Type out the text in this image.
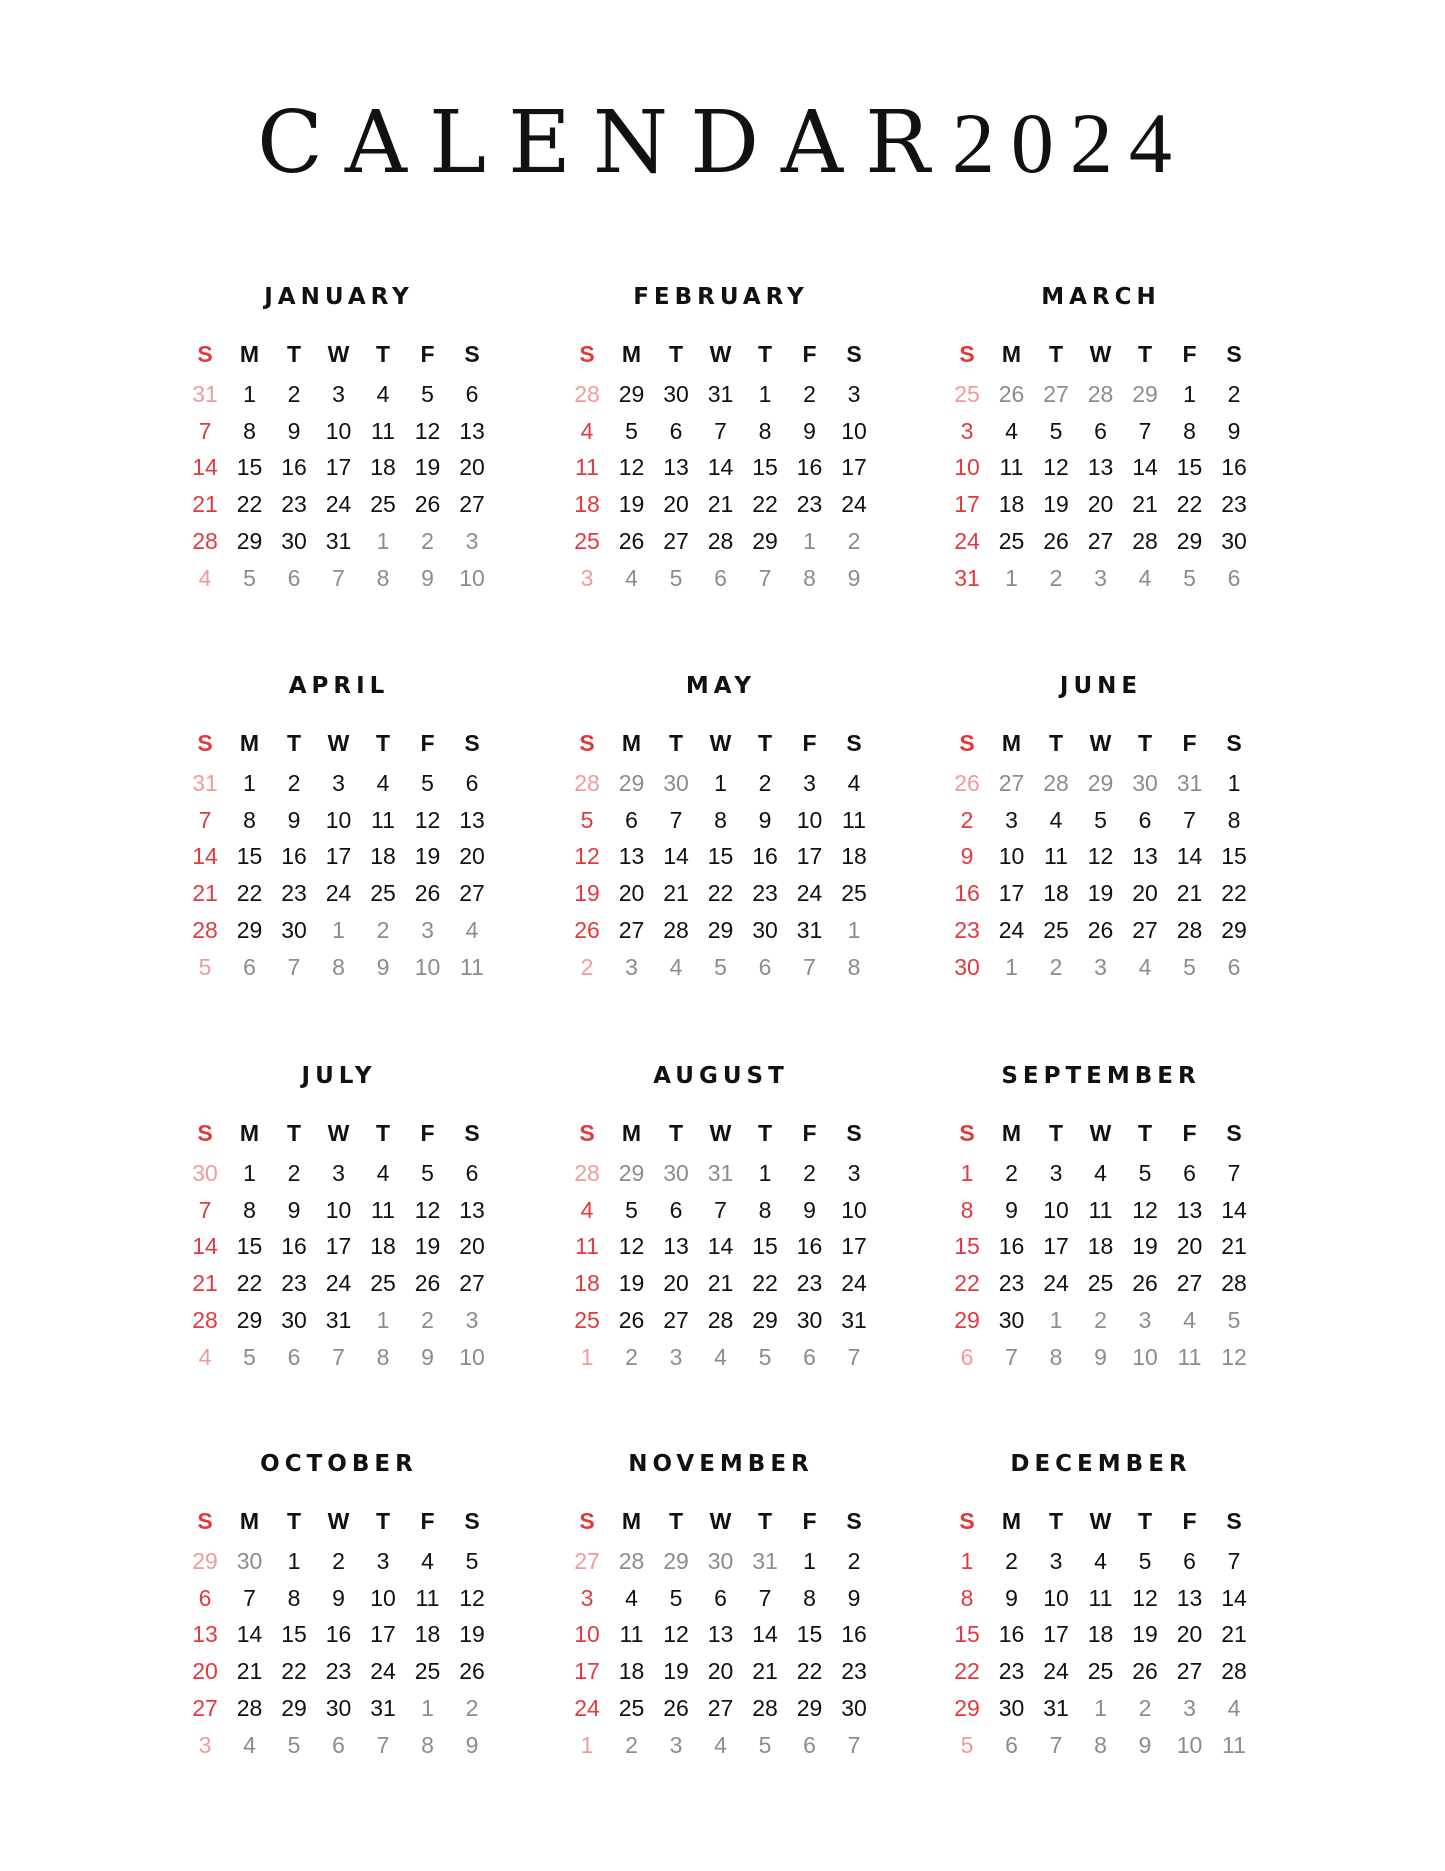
CALENDAR2024
JANUARY
S	M	T	W	T	F	S
31	1	2	3	4	5	6
7	8	9	10 11 12 13
14 15 16 17 18 19 20
21 22 23 24 25 26 27
28 29 30 31	1	2	3
4	5	6	7	8	9	10
FEBRUARY
S	M	T	W	T	F	S
28 29 30 31	1	2	3
4	5	6	7	8	9	10
11 12 13 14 15 16 17
18 19 20 21 22 23 24
25 26 27 28 29	1	2
3	4	5	6	7	8	9
MARCH
S	M	T	W	T	F	S
25 26 27 28 29	1	2
3	4	5	6	7	8	9
10 11 12 13 14 15 16
17 18 19 20 21 22 23
24 25 26 27 28 29 30
31	1	2	3	4	5	6
APRIL
S	M	T	W	T	F	S
31	1	2	3	4	5	6
7	8	9	10 11 12 13
14 15 16 17 18 19 20
21 22 23 24 25 26 27
28 29 30	1	2	3	4
5	6	7	8	9	10 11
MAY
S	M	T	W	T	F	S
28 29 30	1	2	3	4
5	6	7	8	9	10 11
12 13 14 15 16 17 18
19 20 21 22 23 24 25
26 27 28 29 30 31	1
2	3	4	5	6	7	8
JUNE
S	M	T	W	T	F	S
26 27 28 29 30 31	1
2	3	4	5	6	7	8
9	10 11 12 13 14 15
16 17 18 19 20 21 22
23 24 25 26 27 28 29
30	1	2	3	4	5	6
JULY
S	M	T	W	T	F	S
30	1	2	3	4	5	6
7	8	9	10 11 12 13
14 15 16 17 18 19 20
21 22 23 24 25 26 27
28 29 30 31	1	2	3
4	5	6	7	8	9	10
AUGUST
S	M	T	W	T	F	S
28 29 30 31	1	2	3
4	5	6	7	8	9	10
11 12 13 14 15 16 17
18 19 20 21 22 23 24
25 26 27 28 29 30 31
1	2	3	4	5	6	7
SEPTEMBER
S	M	T	W	T	F	S
1	2	3	4	5	6	7
8	9	10 11 12 13 14
15 16 17 18 19 20 21
22 23 24 25 26 27 28
29 30	1	2	3	4	5
6	7	8	9	10 11 12
OCTOBER
S	M	T	W	T	F	S
29 30	1	2	3	4	5
6	7	8	9	10 11 12
13 14 15 16 17 18 19
20 21 22 23 24 25 26
27 28 29 30 31	1	2
3	4	5	6	7	8	9
NOVEMBER
S	M	T	W	T	F	S
27 28 29 30 31	1	2
3	4	5	6	7	8	9
10 11 12 13 14 15 16
17 18 19 20 21 22 23
24 25 26 27 28 29 30
1	2	3	4	5	6	7
DECEMBER
S	M	T	W	T	F	S
1	2	3	4	5	6	7
8	9	10 11 12 13 14
15 16 17 18 19 20 21
22 23 24 25 26 27 28
29 30 31	1	2	3	4
5	6	7	8	9	10 11
